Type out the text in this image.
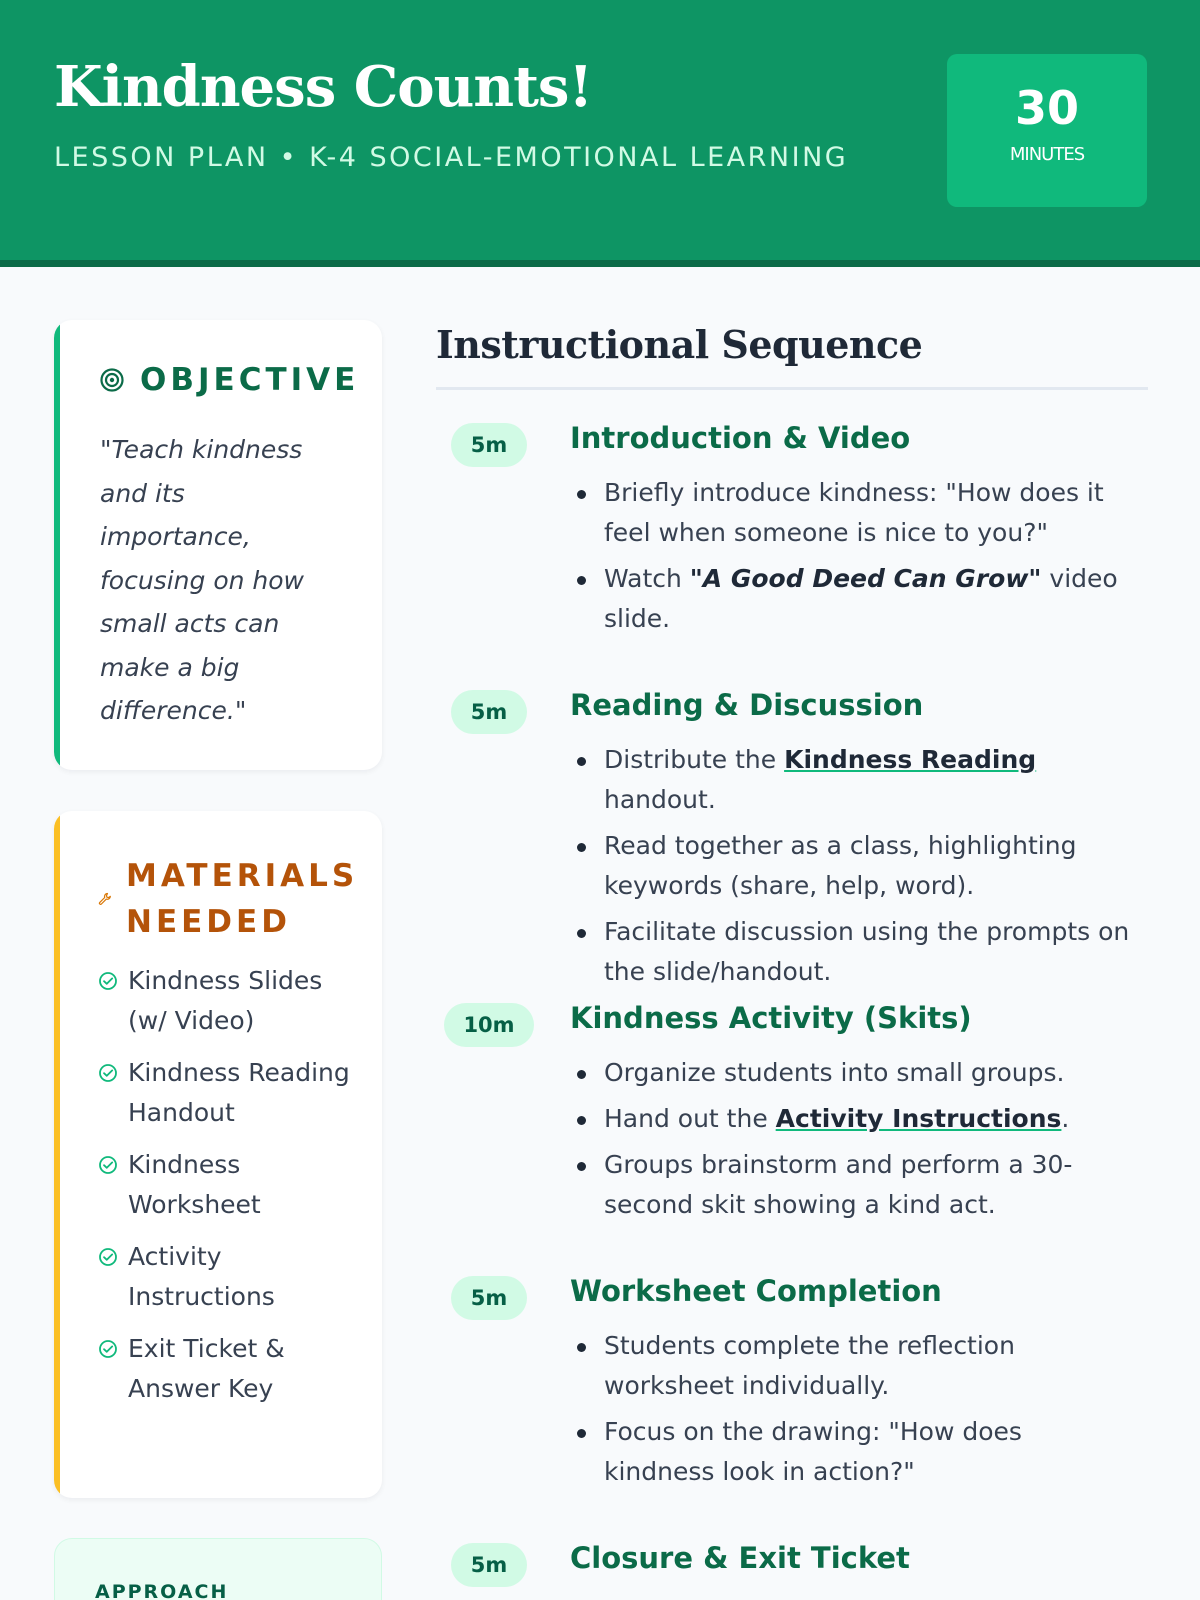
Kindness Counts!
LESSON PLAN • K-4 SOCIAL-EMOTIONAL LEARNING
30
MINUTES
OBJECTIVE
"Teach kindness and its importance, focusing on how small acts can make a big difference."
MATERIALS NEEDED
Kindness Slides (w/ Video)
Kindness Reading Handout
Kindness Worksheet
Activity Instructions
Exit Ticket & Answer Key
APPROACH
Instructional Sequence
5m	Introduction & Video
Briefly introduce kindness: "How does it feel when someone is nice to you?"
Watch "A Good Deed Can Grow" video slide.
5m	Reading & Discussion
Distribute the Kindness Reading handout.
Read together as a class, highlighting keywords (share, help, word).
Facilitate discussion using the prompts on the slide/handout.
10m	Kindness Activity (Skits)
Organize students into small groups.
Hand out the Activity Instructions.
Groups brainstorm and perform a 30-second skit showing a kind act.
5m	Worksheet Completion
Students complete the reflection worksheet individually.
Focus on the drawing: "How does kindness look in action?"
5m	Closure & Exit Ticket
